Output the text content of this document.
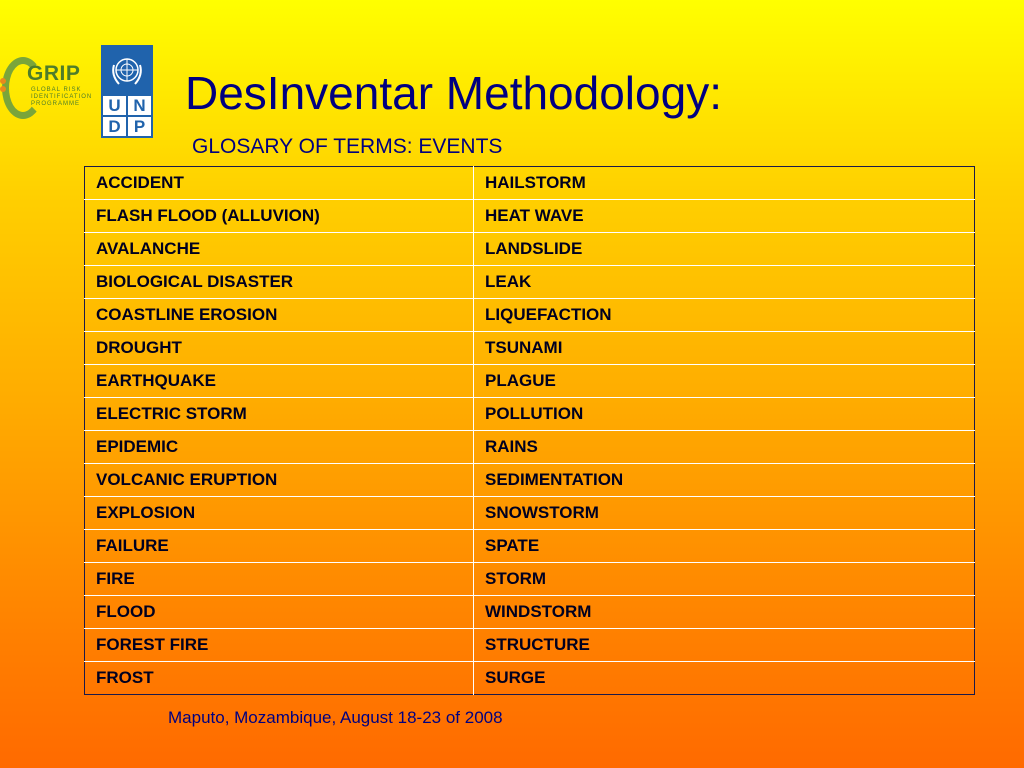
GRIP
GLOBAL RISK IDENTIFICATION PROGRAMME	U N
D P
DesInventar Methodology:
GLOSARY OF TERMS: EVENTS
ACCIDENT	HAILSTORM
FLASH FLOOD (ALLUVION)	HEAT WAVE
AVALANCHE	LANDSLIDE
BIOLOGICAL DISASTER	LEAK
COASTLINE EROSION	LIQUEFACTION
DROUGHT	TSUNAMI
EARTHQUAKE	PLAGUE
ELECTRIC STORM	POLLUTION
EPIDEMIC	RAINS
VOLCANIC ERUPTION	SEDIMENTATION
EXPLOSION	SNOWSTORM
FAILURE	SPATE
FIRE	STORM
FLOOD	WINDSTORM
FOREST FIRE	STRUCTURE
FROST	SURGE
Maputo, Mozambique, August 18-23 of 2008
